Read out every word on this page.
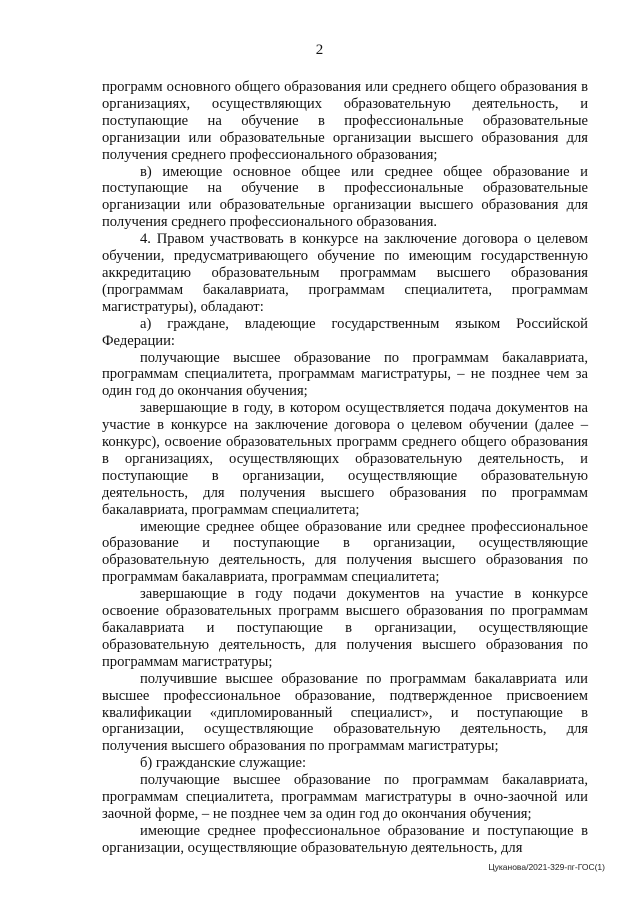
2

программ основного общего образования или среднего общего образования в организациях, осуществляющих образовательную деятельность, и поступающие на обучение в профессиональные образовательные организации или образовательные организации высшего образования для получения среднего профессионального образования;

в) имеющие основное общее или среднее общее образование и поступающие на обучение в профессиональные образовательные организации или образовательные организации высшего образования для получения среднего профессионального образования.

4. Правом участвовать в конкурсе на заключение договора о целевом обучении, предусматривающего обучение по имеющим государственную аккредитацию образовательным программам высшего образования (программам бакалавриата, программам специалитета, программам магистратуры), обладают:

а) граждане, владеющие государственным языком Российской Федерации:

получающие высшее образование по программам бакалавриата, программам специалитета, программам магистратуры, – не позднее чем за один год до окончания обучения;

завершающие в году, в котором осуществляется подача документов на участие в конкурсе на заключение договора о целевом обучении (далее – конкурс), освоение образовательных программ среднего общего образования в организациях, осуществляющих образовательную деятельность, и поступающие в организации, осуществляющие образовательную деятельность, для получения высшего образования по программам бакалавриата, программам специалитета;

имеющие среднее общее образование или среднее профессиональное образование и поступающие в организации, осуществляющие образовательную деятельность, для получения высшего образования по программам бакалавриата, программам специалитета;

завершающие в году подачи документов на участие в конкурсе освоение образовательных программ высшего образования по программам бакалавриата и поступающие в организации, осуществляющие образовательную деятельность, для получения высшего образования по программам магистратуры;

получившие высшее образование по программам бакалавриата или высшее профессиональное образование, подтвержденное присвоением квалификации «дипломированный специалист», и поступающие в организации, осуществляющие образовательную деятельность, для получения высшего образования по программам магистратуры;

б) гражданские служащие:

получающие высшее образование по программам бакалавриата, программам специалитета, программам магистратуры в очно-заочной или заочной форме, – не позднее чем за один год до окончания обучения;

имеющие среднее профессиональное образование и поступающие в организации, осуществляющие образовательную деятельность, для

Цуканова/2021-329-пг-ГОС(1)
